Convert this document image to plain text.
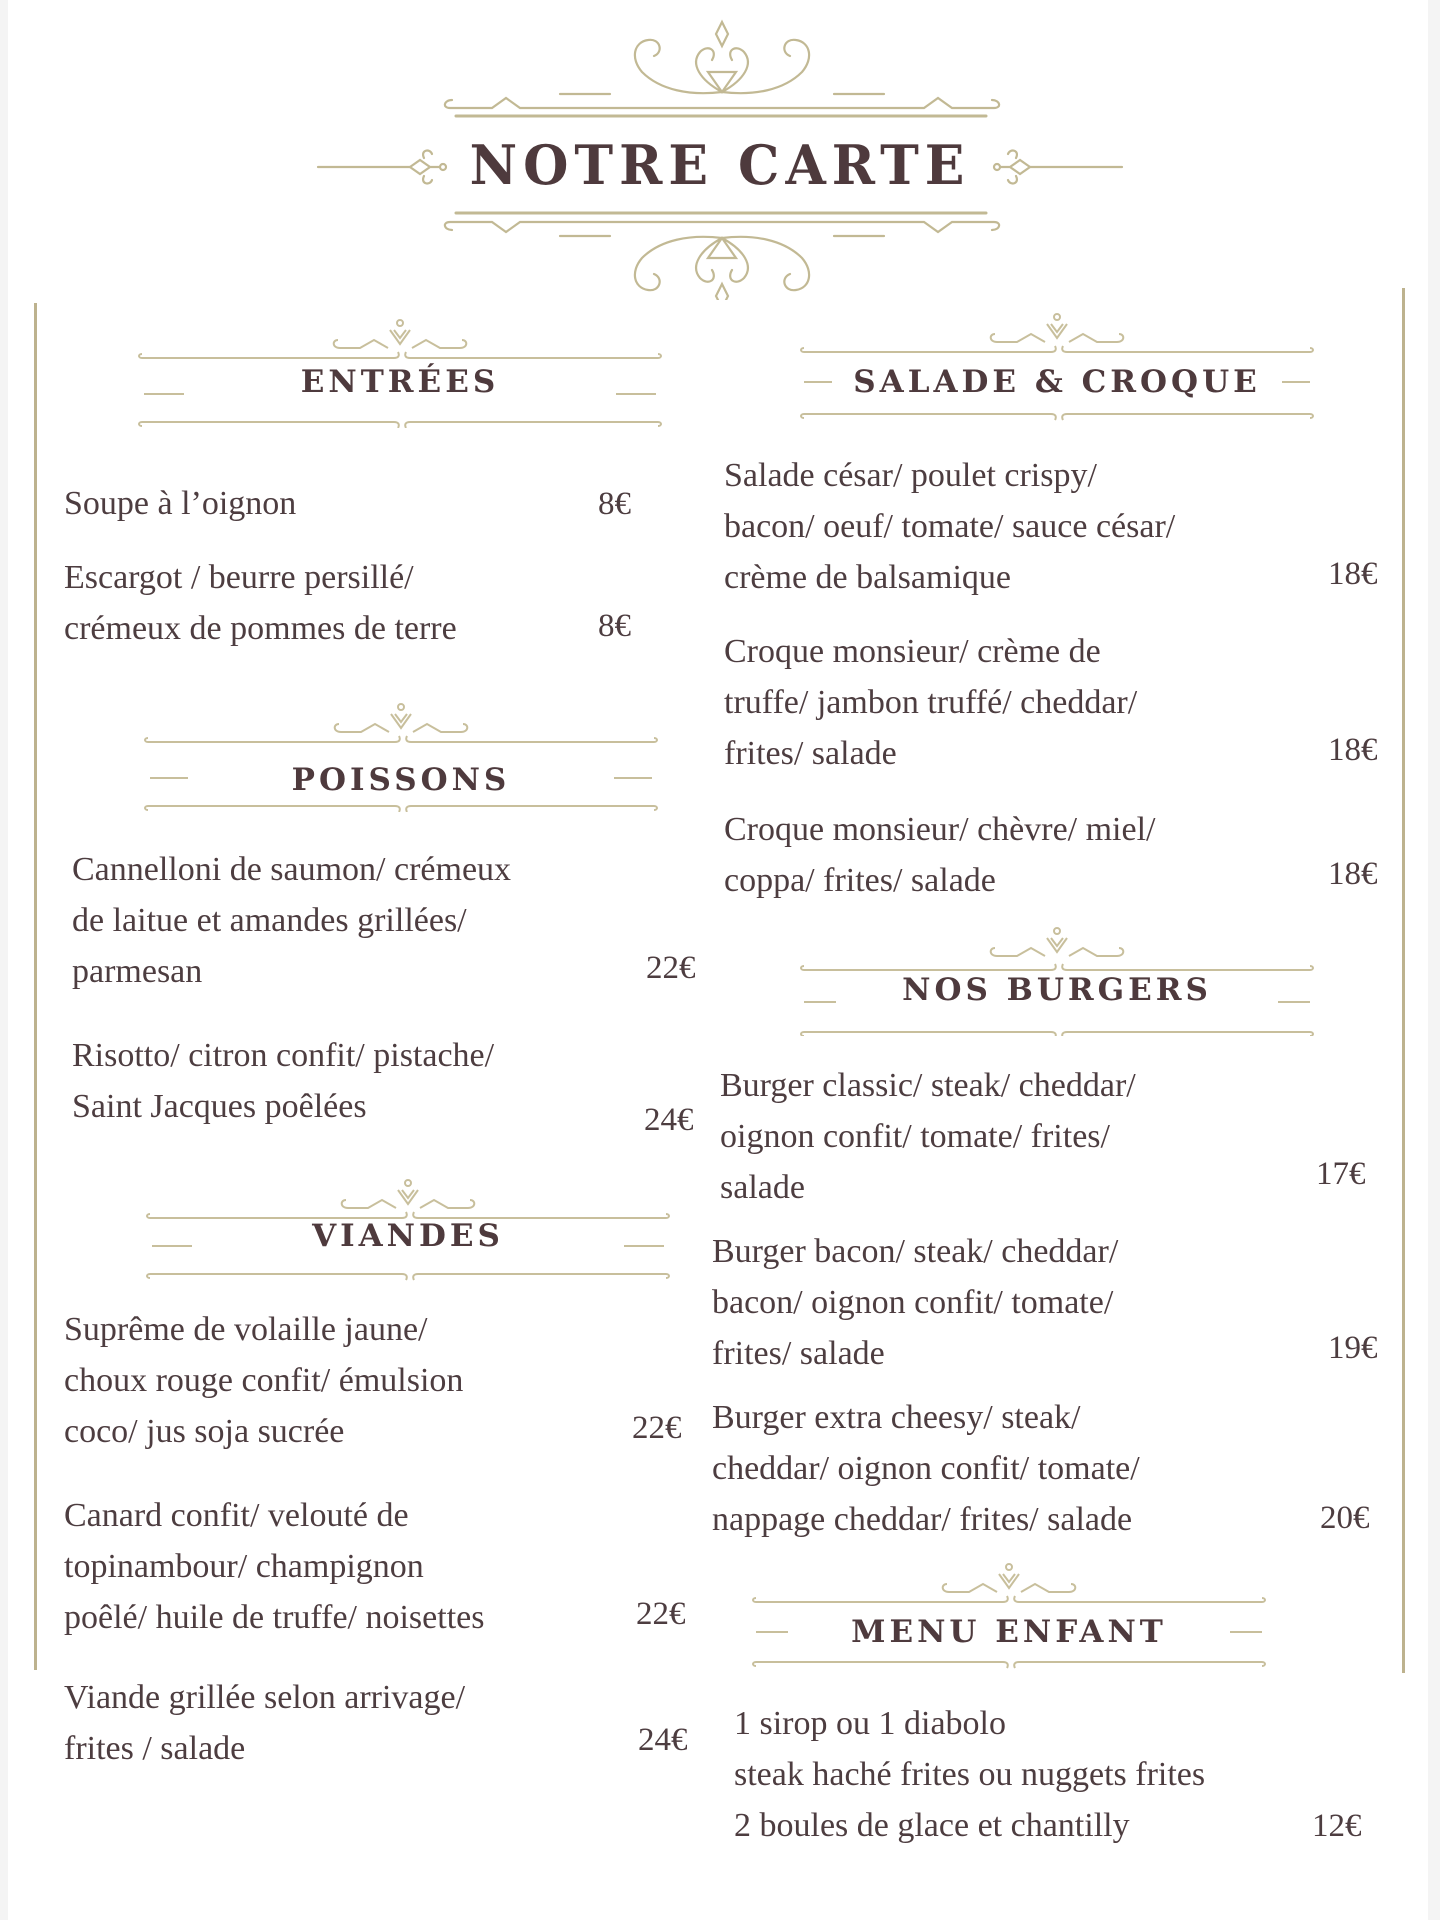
NOTRE CARTE
ENTRÉES
Soupe à l’oignon	8€
Escargot / beurre persillé/
crémeux de pommes de terre	8€
POISSONS
Cannelloni de saumon/ crémeux
de laitue et amandes grillées/
parmesan	22€
Risotto/ citron confit/ pistache/
Saint Jacques poêlées	24€
VIANDES
Suprême de volaille jaune/
choux rouge confit/ émulsion
coco/ jus soja sucrée	22€
Canard confit/ velouté de
topinambour/ champignon
poêlé/ huile de truffe/ noisettes	22€
Viande grillée selon arrivage/
frites / salade	24€
SALADE & CROQUE
Salade césar/ poulet crispy/
bacon/ oeuf/ tomate/ sauce césar/
crème de balsamique	18€
Croque monsieur/ crème de
truffe/ jambon truffé/ cheddar/
frites/ salade	18€
Croque monsieur/ chèvre/ miel/
coppa/ frites/ salade	18€
NOS BURGERS
Burger classic/ steak/ cheddar/
oignon confit/ tomate/ frites/
salade	17€
Burger bacon/ steak/ cheddar/
bacon/ oignon confit/ tomate/
frites/ salade	19€
Burger extra cheesy/ steak/
cheddar/ oignon confit/ tomate/
nappage cheddar/ frites/ salade	20€
MENU ENFANT
1 sirop ou 1 diabolo
steak haché frites ou nuggets frites
2 boules de glace et chantilly	12€
